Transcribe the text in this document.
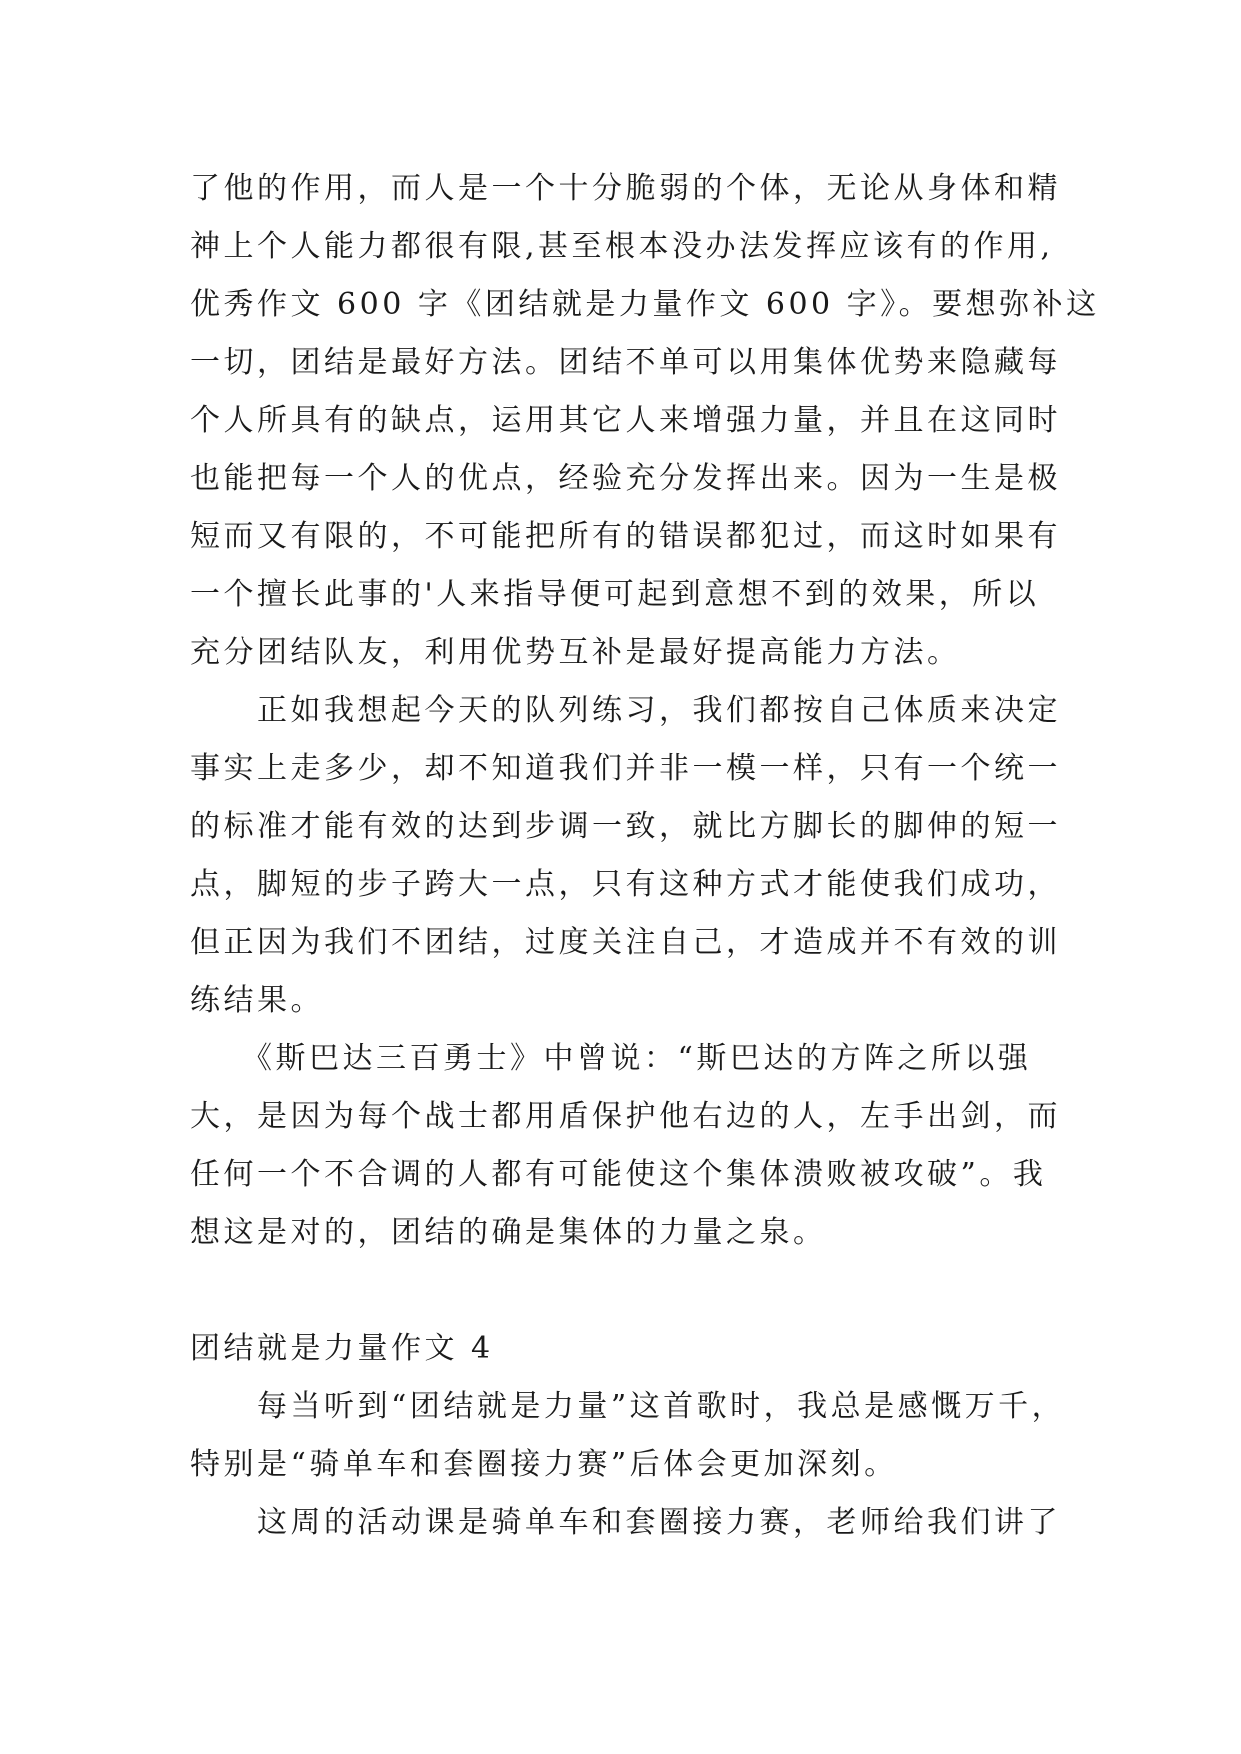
了他的作用，而人是一个十分脆弱的个体，无论从身体和精
神上个人能力都很有限,甚至根本没办法发挥应该有的作用,
优秀作文 600 字《团结就是力量作文 600 字》。要想弥补这
一切，团结是最好方法。团结不单可以用集体优势来隐藏每
个人所具有的缺点，运用其它人来增强力量，并且在这同时
也能把每一个人的优点，经验充分发挥出来。因为一生是极
短而又有限的，不可能把所有的错误都犯过，而这时如果有
一个擅长此事的'人来指导便可起到意想不到的效果，所以
充分团结队友，利用优势互补是最好提高能力方法。
　　正如我想起今天的队列练习，我们都按自己体质来决定
事实上走多少，却不知道我们并非一模一样，只有一个统一
的标准才能有效的达到步调一致，就比方脚长的脚伸的短一
点，脚短的步子跨大一点，只有这种方式才能使我们成功，
但正因为我们不团结，过度关注自己，才造成并不有效的训
练结果。
　　《斯巴达三百勇士》中曾说：“斯巴达的方阵之所以强
大，是因为每个战士都用盾保护他右边的人，左手出剑，而
任何一个不合调的人都有可能使这个集体溃败被攻破”。我
想这是对的，团结的确是集体的力量之泉。
团结就是力量作文 4
　　每当听到“团结就是力量”这首歌时，我总是感慨万千，
特别是“骑单车和套圈接力赛”后体会更加深刻。
　　这周的活动课是骑单车和套圈接力赛，老师给我们讲了
